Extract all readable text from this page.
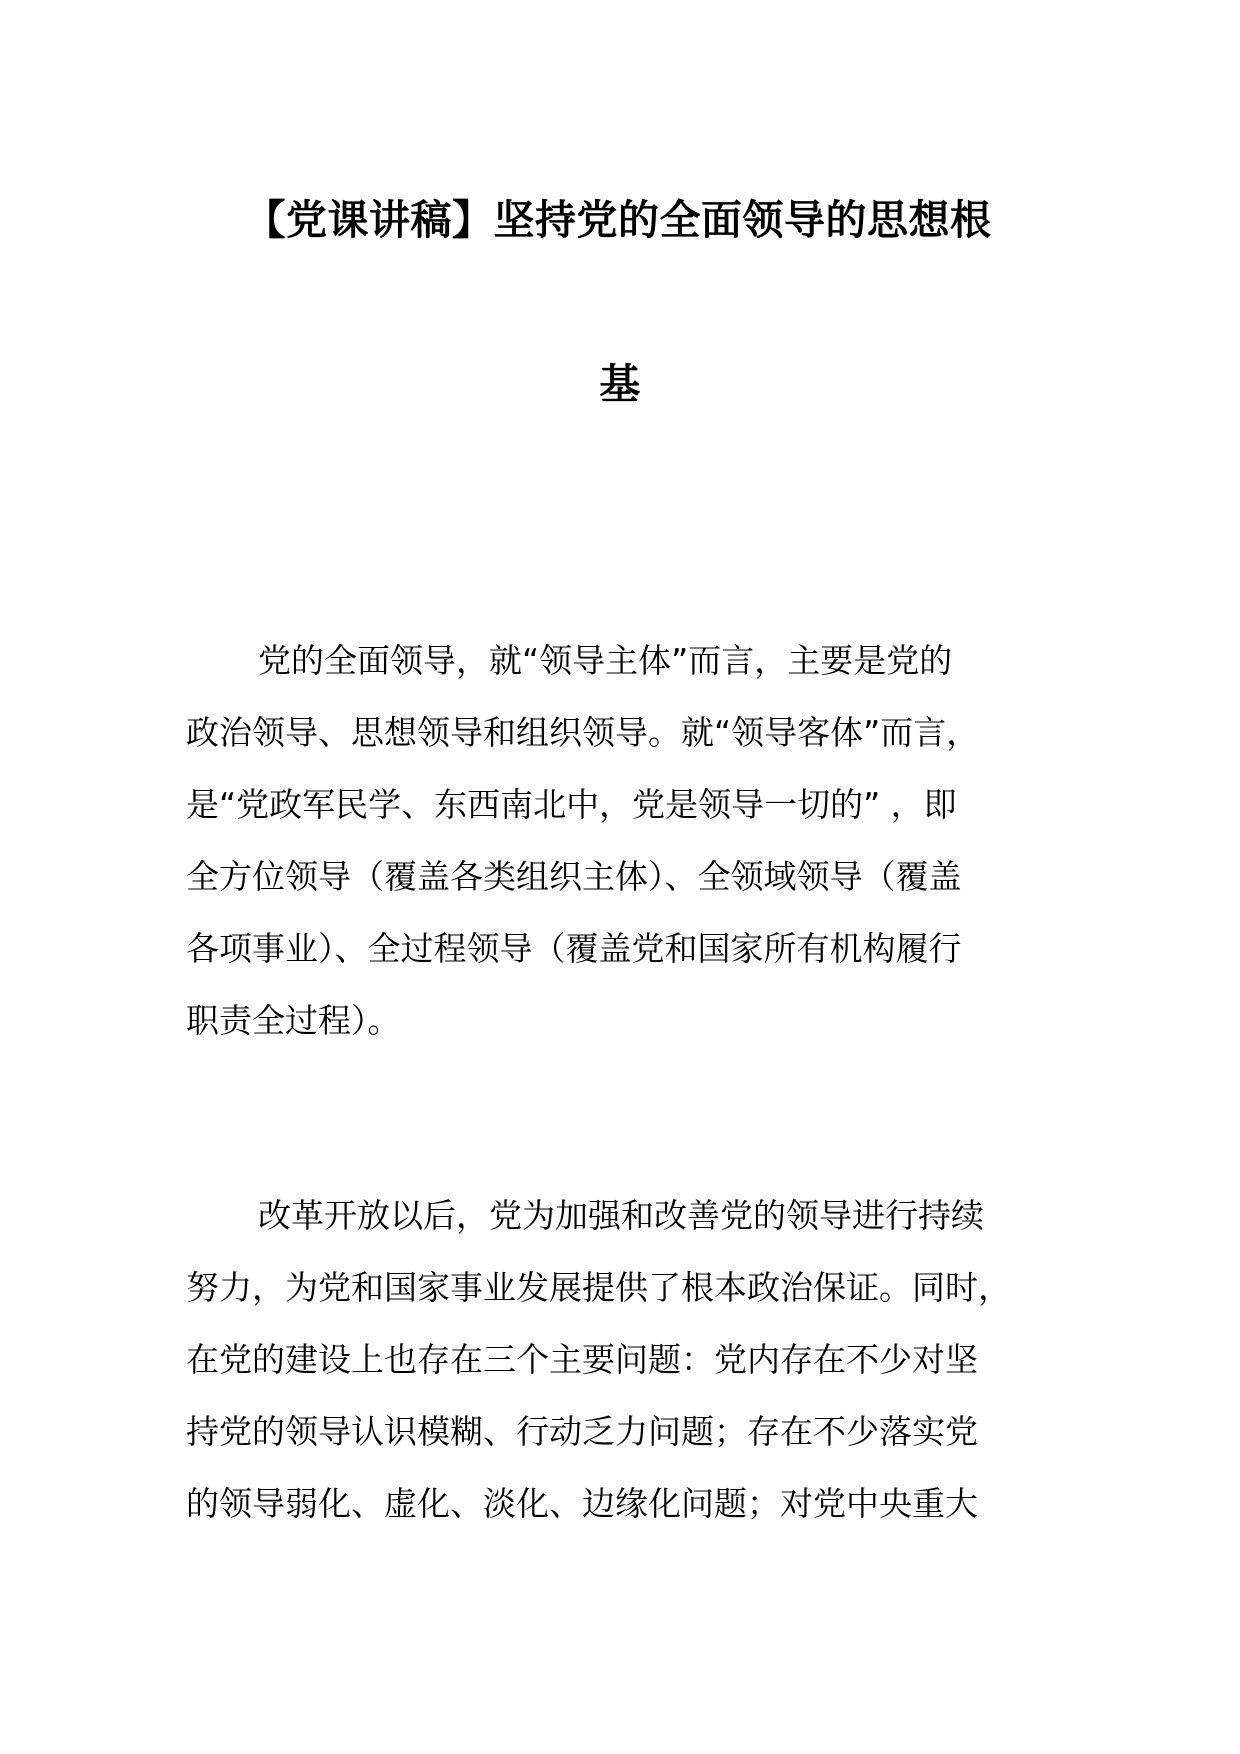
【党课讲稿】坚持党的全面领导的思想根
基
党的全面领导，就“领导主体”而言，主要是党的
政治领导、思想领导和组织领导。就“领导客体”而言，
是“党政军民学、东西南北中，党是领导一切的” ，即
全方位领导（覆盖各类组织主体）、全领域领导（覆盖
各项事业）、全过程领导（覆盖党和国家所有机构履行
职责全过程）。
改革开放以后，党为加强和改善党的领导进行持续
努力，为党和国家事业发展提供了根本政治保证。同时，
在党的建设上也存在三个主要问题：党内存在不少对坚
持党的领导认识模糊、行动乏力问题；存在不少落实党
的领导弱化、虚化、淡化、边缘化问题；对党中央重大
